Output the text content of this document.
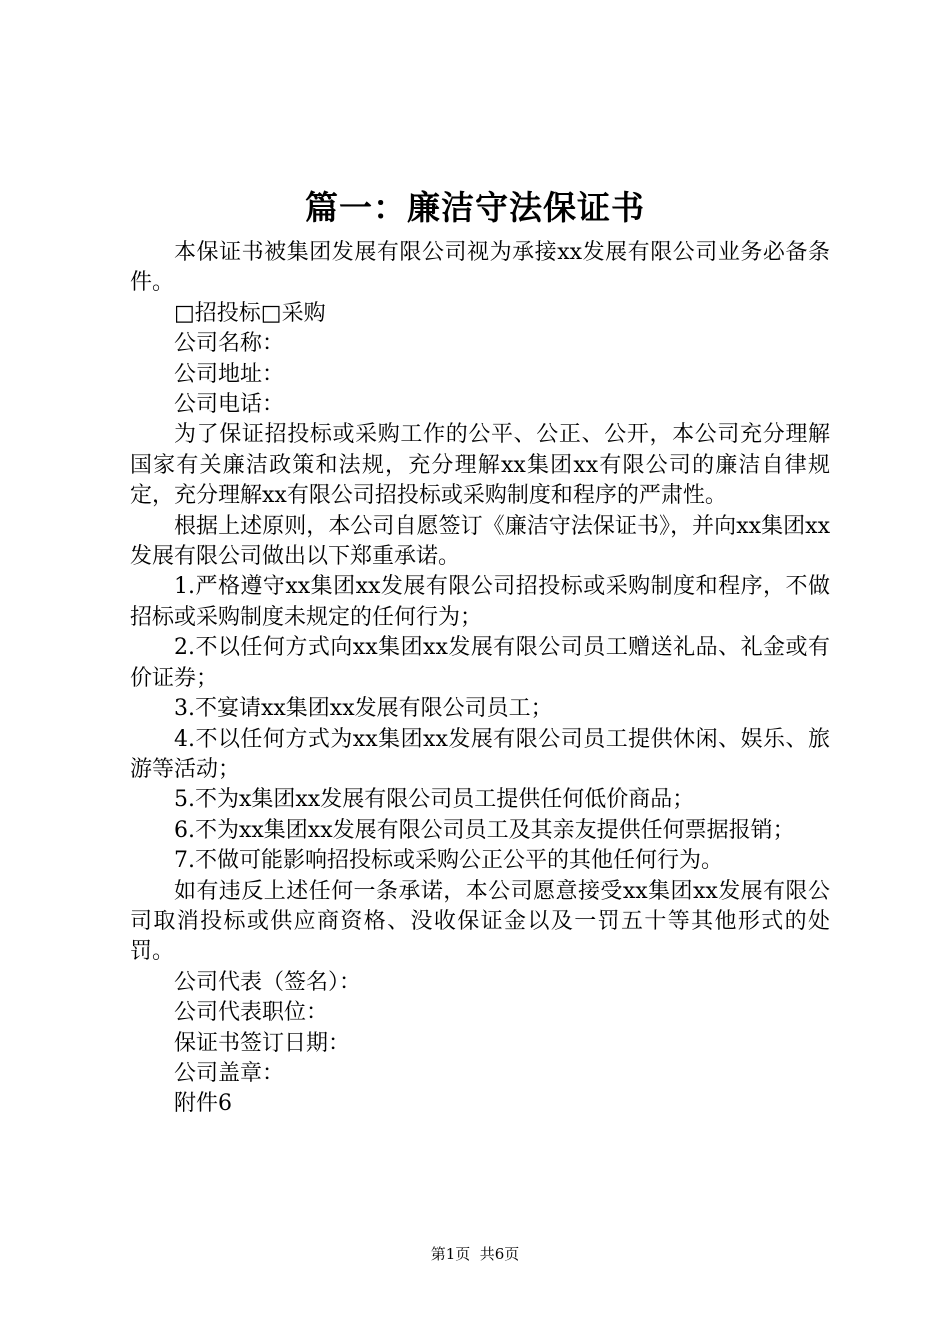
篇一：廉洁守法保证书

本保证书被集团发展有限公司视为承接xx发展有限公司业务必备条件。

□招投标□采购

公司名称：

公司地址：

公司电话：

为了保证招投标或采购工作的公平、公正、公开，本公司充分理解国家有关廉洁政策和法规，充分理解xx集团xx有限公司的廉洁自律规定，充分理解xx有限公司招投标或采购制度和程序的严肃性。

根据上述原则，本公司自愿签订《廉洁守法保证书》，并向xx集团xx发展有限公司做出以下郑重承诺。

1.严格遵守xx集团xx发展有限公司招投标或采购制度和程序，不做招标或采购制度未规定的任何行为；

2.不以任何方式向xx集团xx发展有限公司员工赠送礼品、礼金或有价证券；

3.不宴请xx集团xx发展有限公司员工；

4.不以任何方式为xx集团xx发展有限公司员工提供休闲、娱乐、旅游等活动；

5.不为x集团xx发展有限公司员工提供任何低价商品；

6.不为xx集团xx发展有限公司员工及其亲友提供任何票据报销；

7.不做可能影响招投标或采购公正公平的其他任何行为。

如有违反上述任何一条承诺，本公司愿意接受xx集团xx发展有限公司取消投标或供应商资格、没收保证金以及一罚五十等其他形式的处罚。

公司代表（签名）：

公司代表职位：

保证书签订日期：

公司盖章：

附件6

第1页  共6页
